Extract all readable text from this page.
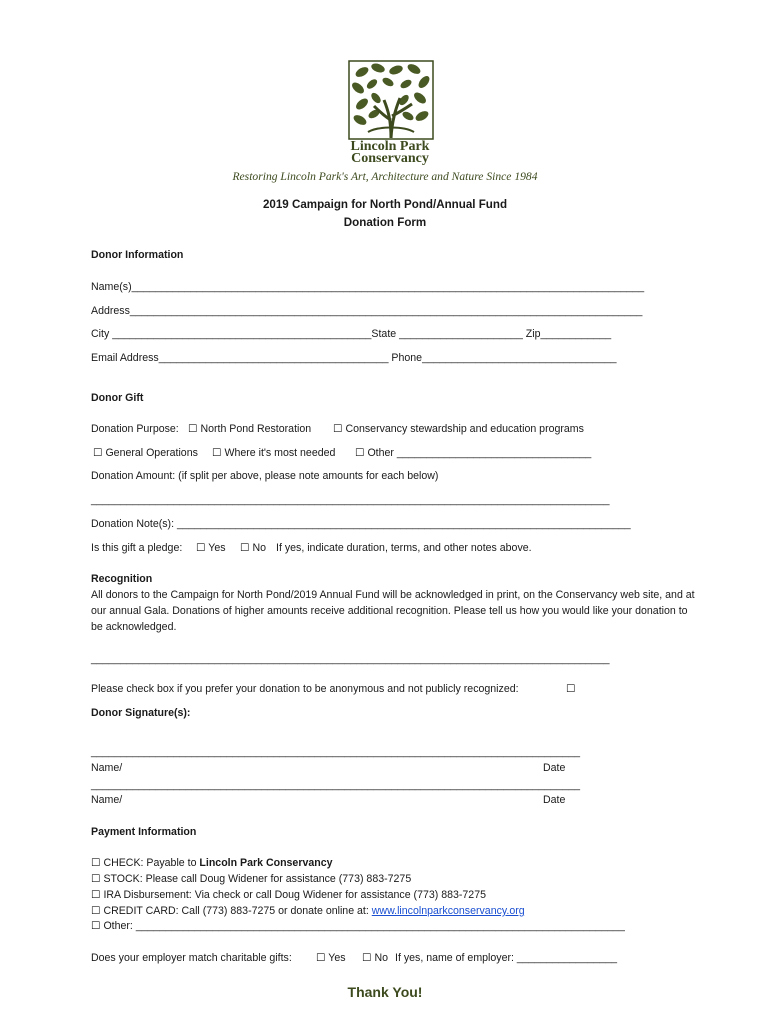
Lincoln Park
Conservancy
Restoring Lincoln Park's Art, Architecture and Nature Since 1984
2019 Campaign for North Pond/Annual Fund
Donation Form
Donor Information
Name(s)_______________________________________________________________________________________
Address_______________________________________________________________________________________
City ____________________________________________State _____________________ Zip____________
Email Address_______________________________________ Phone_________________________________
Donor Gift
Donation Purpose: ☐ North Pond Restoration ☐ Conservancy stewardship and education programs
☐ General Operations ☐ Where it's most needed ☐ Other _________________________________
Donation Amount: (if split per above, please note amounts for each below)
________________________________________________________________________________________
Donation Note(s): _____________________________________________________________________________
Is this gift a pledge: ☐ Yes ☐ No If yes, indicate duration, terms, and other notes above.
Recognition
All donors to the Campaign for North Pond/2019 Annual Fund will be acknowledged in print, on the Conservancy web site, and at our annual Gala. Donations of higher amounts receive additional recognition. Please tell us how you would like your donation to be acknowledged.
________________________________________________________________________________________
Please check box if you prefer your donation to be anonymous and not publicly recognized:	☐
Donor Signature(s):
___________________________________________________________________________________
Name/	Date
___________________________________________________________________________________
Name/	Date
Payment Information
☐ CHECK: Payable to Lincoln Park Conservancy
☐ STOCK: Please call Doug Widener for assistance (773) 883-7275
☐ IRA Disbursement: Via check or call Doug Widener for assistance (773) 883-7275
☐ CREDIT CARD: Call (773) 883-7275 or donate online at: www.lincolnparkconservancy.org
☐ Other: ___________________________________________________________________________________
Does your employer match charitable gifts: ☐ Yes ☐ No If yes, name of employer: _________________
Thank You!
